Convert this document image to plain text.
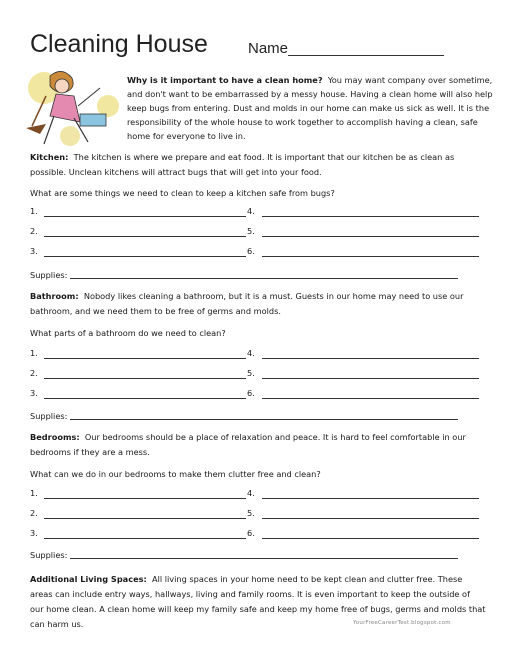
Cleaning House	Name

Why is it important to have a clean home? You may want company over sometime, and don't want to be embarrassed by a messy house. Having a clean home will also help keep bugs from entering. Dust and molds in our home can make us sick as well. It is the responsibility of the whole house to work together to accomplish having a clean, safe home for everyone to live in.

Kitchen: The kitchen is where we prepare and eat food. It is important that our kitchen be as clean as possible. Unclean kitchens will attract bugs that will get into your food.

What are some things we need to clean to keep a kitchen safe from bugs?

1.	4.
2.	5.
3.	6.
Supplies:

Bathroom: Nobody likes cleaning a bathroom, but it is a must. Guests in our home may need to use our bathroom, and we need them to be free of germs and molds.

What parts of a bathroom do we need to clean?

1.	4.
2.	5.
3.	6.
Supplies:

Bedrooms: Our bedrooms should be a place of relaxation and peace. It is hard to feel comfortable in our bedrooms if they are a mess.

What can we do in our bedrooms to make them clutter free and clean?

1.	4.
2.	5.
3.	6.
Supplies:

Additional Living Spaces: All living spaces in your home need to be kept clean and clutter free. These areas can include entry ways, hallways, living and family rooms. It is even important to keep the outside of our home clean. A clean home will keep my family safe and keep my home free of bugs, germs and molds that can harm us.	YourFreeCareerTest.blogspot.com
